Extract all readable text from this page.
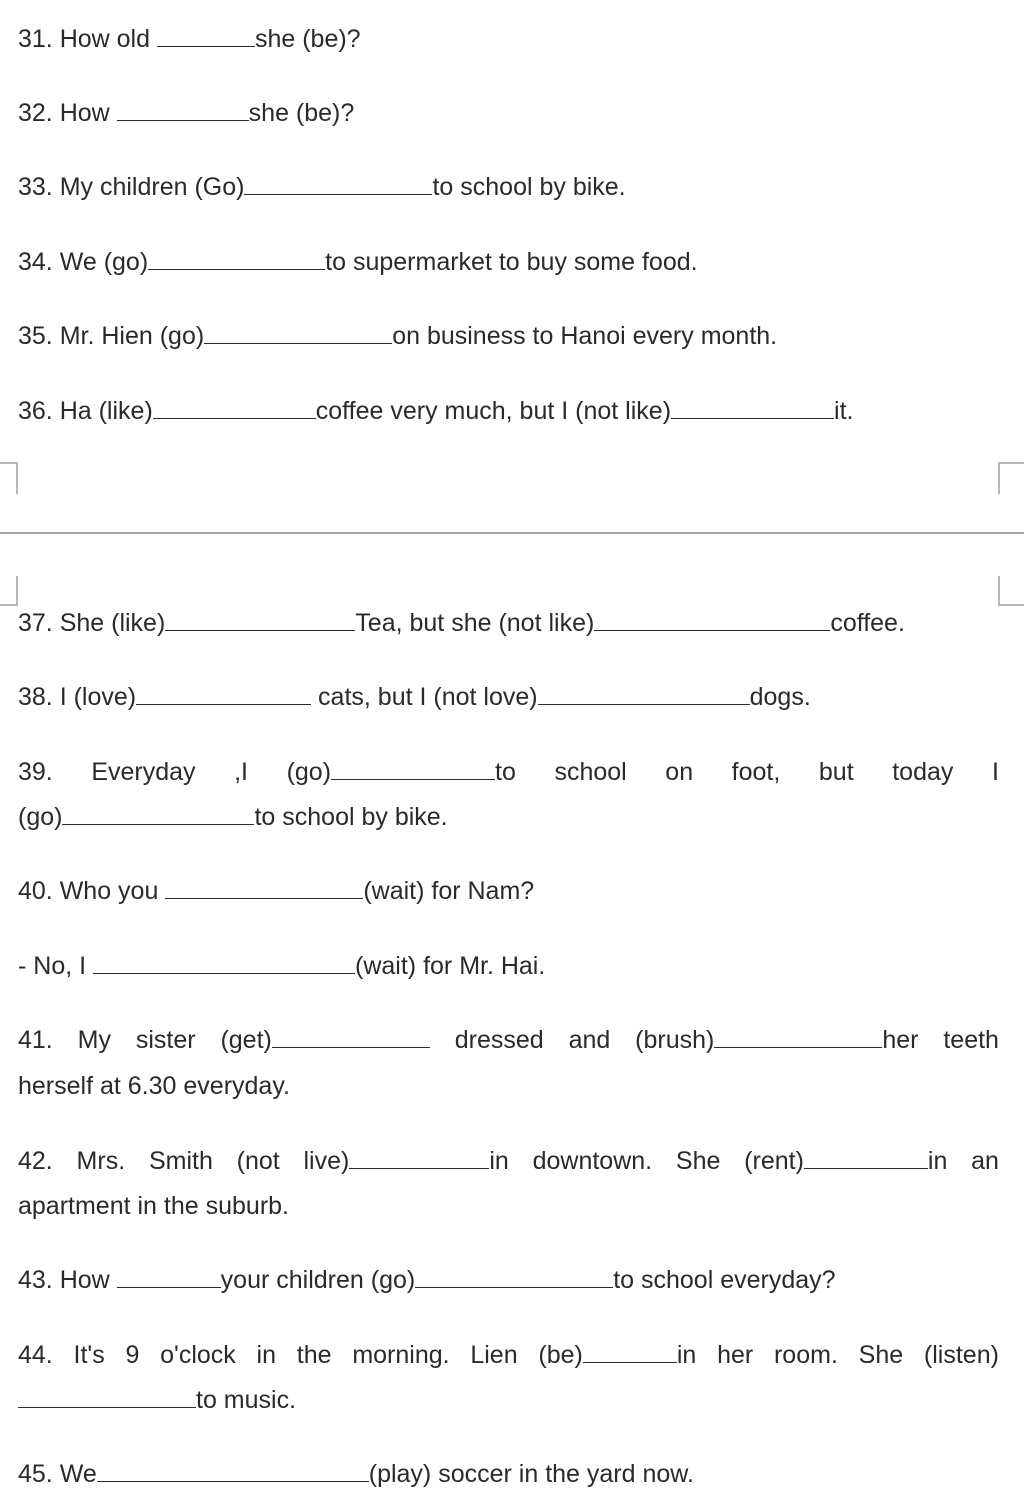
31. How old	she (be)?
32. How	she (be)?
33. My children (Go)	to school by bike.
34. We (go)	to supermarket to buy some food.
35. Mr. Hien (go)	on business to Hanoi every month.
36. Ha (like)	coffee very much, but I (not like)	it.
37. She (like)	Tea, but she (not like)	coffee.
38. I (love)	cats, but I (not love)	dogs.
39. Everyday ,I (go)	to school on foot, but today I
(go)	to school by bike.
40. Who you	(wait) for Nam?
- No, I	(wait) for Mr. Hai.
41. My sister (get)	dressed and (brush)	her teeth
herself at 6.30 everyday.
42. Mrs. Smith (not live)	in downtown. She (rent)	in an
apartment in the suburb.
43. How	your children (go)	to school everyday?
44. It's 9 o'clock in the morning. Lien (be)	in her room. She (listen)
to music.
45. We	(play) soccer in the yard now.
